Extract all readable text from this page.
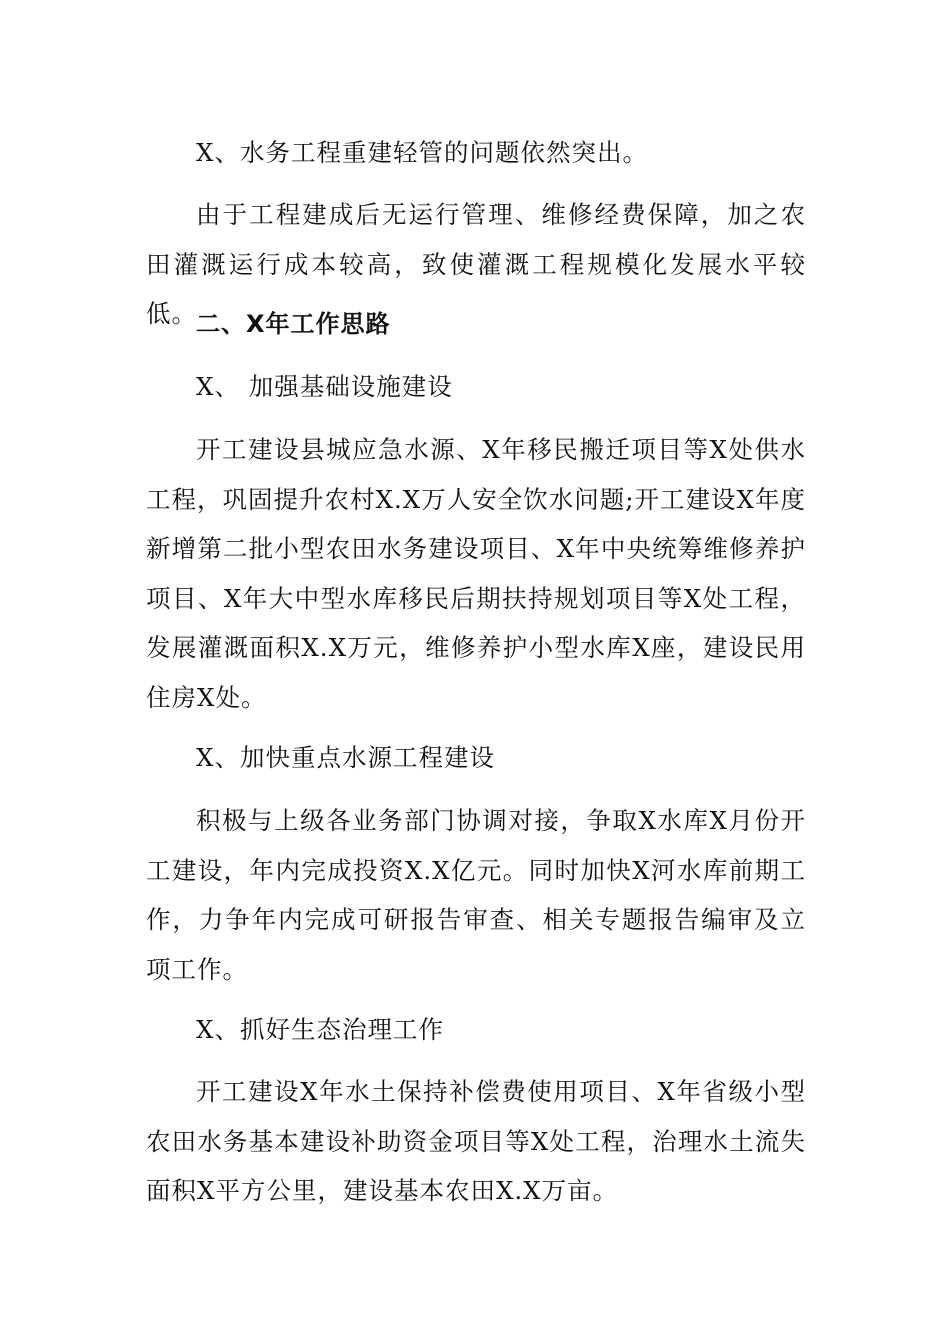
X、水务工程重建轻管的问题依然突出。
由于工程建成后无运行管理、维修经费保障，加之农田灌溉运行成本较高，致使灌溉工程规模化发展水平较低。 二、X年工作思路
X、 加强基础设施建设
开工建设县城应急水源、X年移民搬迁项目等X处供水工程，巩固提升农村X.X万人安全饮水问题;开工建设X年度新增第二批小型农田水务建设项目、X年中央统筹维修养护项目、X年大中型水库移民后期扶持规划项目等X处工程，发展灌溉面积X.X万元，维修养护小型水库X座，建设民用住房X处。
X、加快重点水源工程建设
积极与上级各业务部门协调对接，争取X水库X月份开工建设，年内完成投资X.X亿元。同时加快X河水库前期工作，力争年内完成可研报告审查、相关专题报告编审及立项工作。
X、抓好生态治理工作
开工建设X年水土保持补偿费使用项目、X年省级小型农田水务基本建设补助资金项目等X处工程，治理水土流失面积X平方公里，建设基本农田X.X万亩。
